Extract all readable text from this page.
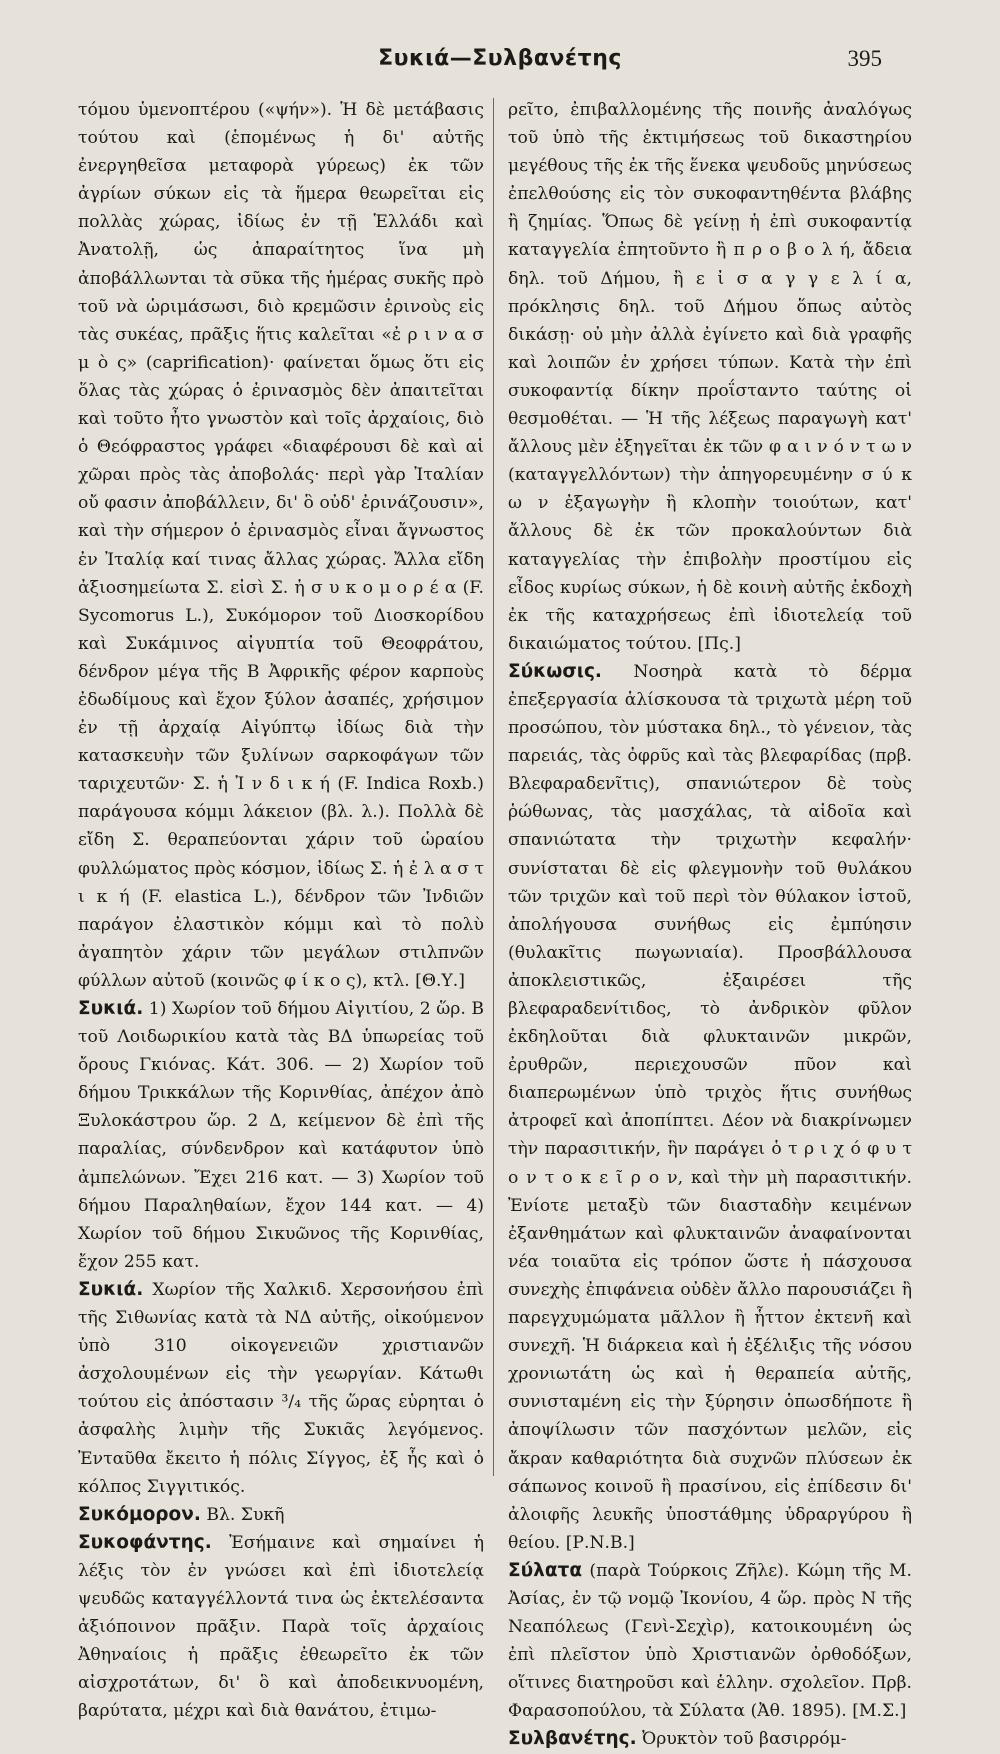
Συκιά—Συλβανέτης	395

τόμου ὑμενοπτέρου («ψήν»). Ἡ δὲ μετάβασις τούτου καὶ (ἑπομένως ἡ δι' αὐτῆς ἐνεργηθεῖσα μεταφορὰ γύρεως) ἐκ τῶν ἀγρίων σύκων εἰς τὰ ἥμερα θεωρεῖται εἰς πολλὰς χώρας, ἰδίως ἐν τῇ Ἑλλάδι καὶ Ἀνατολῇ, ὡς ἀπαραίτητος ἵνα μὴ ἀποβάλλωνται τὰ σῦκα τῆς ἡμέρας συκῆς πρὸ τοῦ νὰ ὡριμάσωσι, διὸ κρεμῶσιν ἐρινοὺς εἰς τὰς συκέας, πρᾶξις ἥτις καλεῖται «ἐ ρ ι ν α σ μ ὸ ς» (caprification)· φαίνεται ὅμως ὅτι εἰς ὅλας τὰς χώρας ὁ ἐρινασμὸς δὲν ἀπαιτεῖται καὶ τοῦτο ἦτο γνωστὸν καὶ τοῖς ἀρχαίοις, διὸ ὁ Θεόφραστος γράφει «διαφέρουσι δὲ καὶ αἱ χῶραι πρὸς τὰς ἀποβολάς· περὶ γὰρ Ἰταλίαν οὔ φασιν ἀποβάλλειν, δι' ὃ οὐδ' ἐρινάζουσιν», καὶ τὴν σήμερον ὁ ἐρινασμὸς εἶναι ἄγνωστος ἐν Ἰταλίᾳ καί τινας ἄλλας χώρας. Ἄλλα εἴδη ἀξιοσημείωτα Σ. εἰσὶ Σ. ἡ σ υ κ ο μ ο ρ έ α (F. Sycomorus L.), Συκόμορον τοῦ Διοσκορίδου καὶ Συκάμινος αἰγυπτία τοῦ Θεοφράτου, δένδρον μέγα τῆς Β Ἀφρικῆς φέρον καρποὺς ἐδωδίμους καὶ ἔχον ξύλον ἀσαπές, χρήσιμον ἐν τῇ ἀρχαίᾳ Αἰγύπτῳ ἰδίως διὰ τὴν κατασκευὴν τῶν ξυλίνων σαρκοφάγων τῶν ταριχευτῶν· Σ. ἡ Ἰ ν δ ι κ ή (F. Indica Roxb.) παράγουσα κόμμι λάκειον (βλ. λ.). Πολλὰ δὲ εἴδη Σ. θεραπεύονται χάριν τοῦ ὡραίου φυλλώματος πρὸς κόσμον, ἰδίως Σ. ἡ ἐ λ α σ τ ι κ ή (F. elastica L.), δένδρον τῶν Ἰνδιῶν παράγον ἐλαστικὸν κόμμι καὶ τὸ πολὺ ἀγαπητὸν χάριν τῶν μεγάλων στιλπνῶν φύλλων αὐτοῦ (κοινῶς φ ί κ ο ς), κτλ. [Θ.Υ.]

Συκιά. 1) Χωρίον τοῦ δήμου Αἰγιτίου, 2 ὥρ. Β τοῦ Λοιδωρικίου κατὰ τὰς ΒΔ ὑπωρείας τοῦ ὄρους Γκιόνας. Κάτ. 306. — 2) Χωρίον τοῦ δήμου Τρικκάλων τῆς Κορινθίας, ἀπέχον ἀπὸ Ξυλοκάστρου ὥρ. 2 Δ, κείμενον δὲ ἐπὶ τῆς παραλίας, σύνδενδρον καὶ κατάφυτον ὑπὸ ἀμπελώνων. Ἔχει 216 κατ. — 3) Χωρίον τοῦ δήμου Παραληθαίων, ἔχον 144 κατ. — 4) Χωρίον τοῦ δήμου Σικυῶνος τῆς Κορινθίας, ἔχον 255 κατ.

Συκιά. Χωρίον τῆς Χαλκιδ. Χερσονήσου ἐπὶ τῆς Σιθωνίας κατὰ τὰ ΝΔ αὐτῆς, οἰκούμενον ὑπὸ 310 οἰκογενειῶν χριστιανῶν ἀσχολουμένων εἰς τὴν γεωργίαν. Κάτωθι τούτου εἰς ἀπόστασιν ³/₄ τῆς ὥρας εὑρηται ὁ ἀσφαλὴς λιμὴν τῆς Συκιᾶς λεγόμενος. Ἐνταῦθα ἔκειτο ἡ πόλις Σίγγος, ἐξ ἧς καὶ ὁ κόλπος Σιγγιτικός.

Συκόμορον. Βλ. Συκῆ

Συκοφάντης. Ἐσήμαινε καὶ σημαίνει ἡ λέξις τὸν ἐν γνώσει καὶ ἐπὶ ἰδιοτελείᾳ ψευδῶς καταγγέλλοντά τινα ὡς ἐκτελέσαντα ἀξιόποινον πρᾶξιν. Παρὰ τοῖς ἀρχαίοις Ἀθηναίοις ἡ πρᾶξις ἐθεωρεῖτο ἐκ τῶν αἰσχροτάτων, δι' ὃ καὶ ἀποδεικνυομένη, βαρύτατα, μέχρι καὶ διὰ θανάτου, ἐτιμω-

ρεῖτο, ἐπιβαλλομένης τῆς ποινῆς ἀναλόγως τοῦ ὑπὸ τῆς ἐκτιμήσεως τοῦ δικαστηρίου μεγέθους τῆς ἐκ τῆς ἕνεκα ψευδοῦς μηνύσεως ἐπελθούσης εἰς τὸν συκοφαντηθέντα βλάβης ἢ ζημίας. Ὅπως δὲ γείνῃ ἡ ἐπὶ συκοφαντίᾳ καταγγελία ἐπητοῦντο ἢ π ρ ο β ο λ ή, ἄδεια δηλ. τοῦ Δήμου, ἢ ε ἰ σ α γ γ ε λ ί α, πρόκλησις δηλ. τοῦ Δήμου ὅπως αὐτὸς δικάσῃ· οὐ μὴν ἀλλὰ ἐγίνετο καὶ διὰ γραφῆς καὶ λοιπῶν ἐν χρήσει τύπων. Κατὰ τὴν ἐπὶ συκοφαντίᾳ δίκην προΐσταντο ταύτης οἱ θεσμοθέται. — Ἡ τῆς λέξεως παραγωγὴ κατ' ἄλλους μὲν ἐξηγεῖται ἐκ τῶν φ α ι ν ό ν τ ω ν (καταγγελλόντων) τὴν ἀπηγορευμένην σ ύ κ ω ν ἐξαγωγὴν ἢ κλοπὴν τοιούτων, κατ' ἄλλους δὲ ἐκ τῶν προκαλούντων διὰ καταγγελίας τὴν ἐπιβολὴν προστίμου εἰς εἶδος κυρίως σύκων, ἡ δὲ κοινὴ αὐτῆς ἐκδοχὴ ἐκ τῆς καταχρήσεως ἐπὶ ἰδιοτελείᾳ τοῦ δικαιώματος τούτου. [Πς.]

Σύκωσις. Νοσηρὰ κατὰ τὸ δέρμα ἐπεξεργασία ἁλίσκουσα τὰ τριχωτὰ μέρη τοῦ προσώπου, τὸν μύστακα δηλ., τὸ γένειον, τὰς παρειάς, τὰς ὀφρῦς καὶ τὰς βλεφαρίδας (πρβ. Βλεφαραδενῖτις), σπανιώτερον δὲ τοὺς ῥώθωνας, τὰς μασχάλας, τὰ αἰδοῖα καὶ σπανιώτατα τὴν τριχωτὴν κεφαλήν· συνίσταται δὲ εἰς φλεγμονὴν τοῦ θυλάκου τῶν τριχῶν καὶ τοῦ περὶ τὸν θύλακον ἱστοῦ, ἀπολήγουσα συνήθως εἰς ἐμπύησιν (θυλακῖτις πωγωνιαία). Προσβάλλουσα ἀποκλειστικῶς, ἐξαιρέσει τῆς βλεφαραδενίτιδος, τὸ ἀνδρικὸν φῦλον ἐκδηλοῦται διὰ φλυκταινῶν μικρῶν, ἐρυθρῶν, περιεχουσῶν πῦον καὶ διαπερωμένων ὑπὸ τριχὸς ἥτις συνήθως ἀτροφεῖ καὶ ἀποπίπτει. Δέον νὰ διακρίνωμεν τὴν παρασιτικήν, ἣν παράγει ὁ τ ρ ι χ ό φ υ τ ο ν τ ο κ ε ῖ ρ ο ν, καὶ τὴν μὴ παρασιτικήν. Ἐνίοτε μεταξὺ τῶν διασταδὴν κειμένων ἐξανθημάτων καὶ φλυκταινῶν ἀναφαίνονται νέα τοιαῦτα εἰς τρόπον ὥστε ἡ πάσχουσα συνεχὴς ἐπιφάνεια οὐδὲν ἄλλο παρουσιάζει ἢ παρεγχυμώματα μᾶλλον ἢ ἧττον ἐκτενῆ καὶ συνεχῆ. Ἡ διάρκεια καὶ ἡ ἐξέλιξις τῆς νόσου χρονιωτάτη ὡς καὶ ἡ θεραπεία αὐτῆς, συνισταμένη εἰς τὴν ξύρησιν ὁπωσδήποτε ἢ ἀποψίλωσιν τῶν πασχόντων μελῶν, εἰς ἄκραν καθαριότητα διὰ συχνῶν πλύσεων ἐκ σάπωνος κοινοῦ ἢ πρασίνου, εἰς ἐπίδεσιν δι' ἀλοιφῆς λευκῆς ὑποστάθμης ὑδραργύρου ἢ θείου. [Ρ.Ν.Β.]

Σύλατα (παρὰ Τούρκοις Ζῆλε). Κώμη τῆς Μ. Ἀσίας, ἐν τῷ νομῷ Ἰκονίου, 4 ὥρ. πρὸς Ν τῆς Νεαπόλεως (Γενὶ-Σεχὶρ), κατοικουμένη ὡς ἐπὶ πλεῖστον ὑπὸ Χριστιανῶν ὀρθοδόξων, οἵτινες διατηροῦσι καὶ ἑλλην. σχολεῖον. Πρβ. Φαρασοπούλου, τὰ Σύλατα (Ἀθ. 1895). [Μ.Σ.]

Συλβανέτης. Ὀρυκτὸν τοῦ βασιρρόμ-
